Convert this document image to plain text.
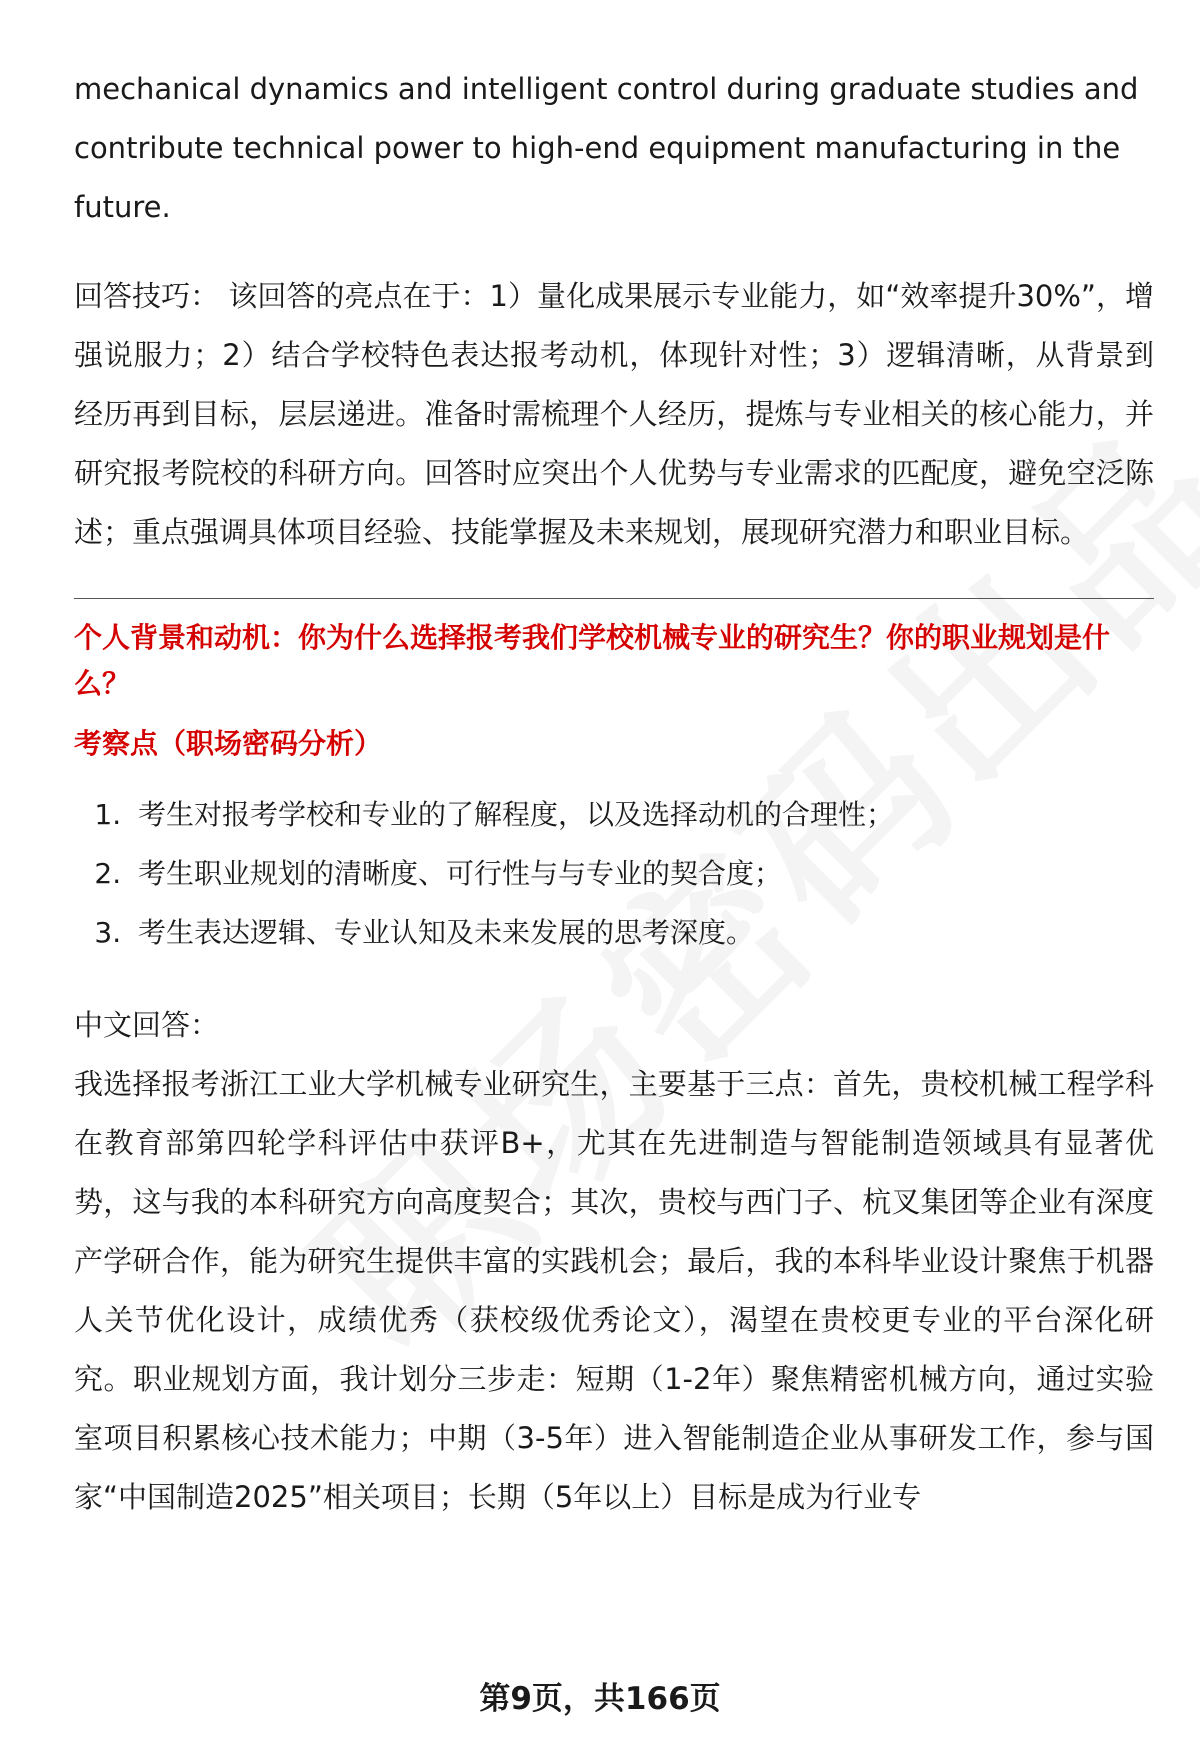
mechanical dynamics and intelligent control during graduate studies and contribute technical power to high-end equipment manufacturing in the future.

回答技巧： 该回答的亮点在于：1）量化成果展示专业能力，如“效率提升30%”，增强说服力；2）结合学校特色表达报考动机，体现针对性；3）逻辑清晰，从背景到经历再到目标，层层递进。准备时需梳理个人经历，提炼与专业相关的核心能力，并研究报考院校的科研方向。回答时应突出个人优势与专业需求的匹配度，避免空泛陈述；重点强调具体项目经验、技能掌握及未来规划，展现研究潜力和职业目标。

个人背景和动机：你为什么选择报考我们学校机械专业的研究生？你的职业规划是什么？

考察点（职场密码分析）

1. 考生对报考学校和专业的了解程度，以及选择动机的合理性；
2. 考生职业规划的清晰度、可行性与与专业的契合度；
3. 考生表达逻辑、专业认知及未来发展的思考深度。

中文回答：

我选择报考浙江工业大学机械专业研究生，主要基于三点：首先，贵校机械工程学科在教育部第四轮学科评估中获评B+，尤其在先进制造与智能制造领域具有显著优势，这与我的本科研究方向高度契合；其次，贵校与西门子、杭叉集团等企业有深度产学研合作，能为研究生提供丰富的实践机会；最后，我的本科毕业设计聚焦于机器人关节优化设计，成绩优秀（获校级优秀论文），渴望在贵校更专业的平台深化研究。职业规划方面，我计划分三步走：短期（1-2年）聚焦精密机械方向，通过实验室项目积累核心技术能力；中期（3-5年）进入智能制造企业从事研发工作，参与国家“中国制造2025”相关项目；长期（5年以上）目标是成为行业专

第9页，共166页
